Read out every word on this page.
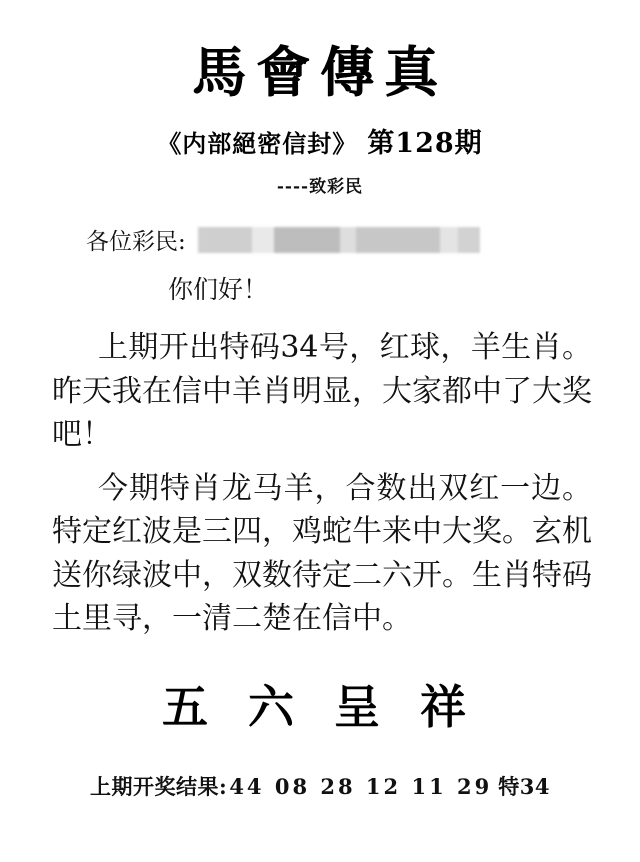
馬會傳真
《内部絕密信封》 第128期
----致彩民
各位彩民:
你们好！

上期开出特码34号，红球，羊生肖。昨天我在信中羊肖明显，大家都中了大奖吧！

今期特肖龙马羊，合数出双红一边。特定红波是三四，鸡蛇牛来中大奖。玄机送你绿波中，双数待定二六开。生肖特码土里寻，一清二楚在信中。

五 六 呈 祥
上期开奖结果:44 08 28 12 11 29 特34
